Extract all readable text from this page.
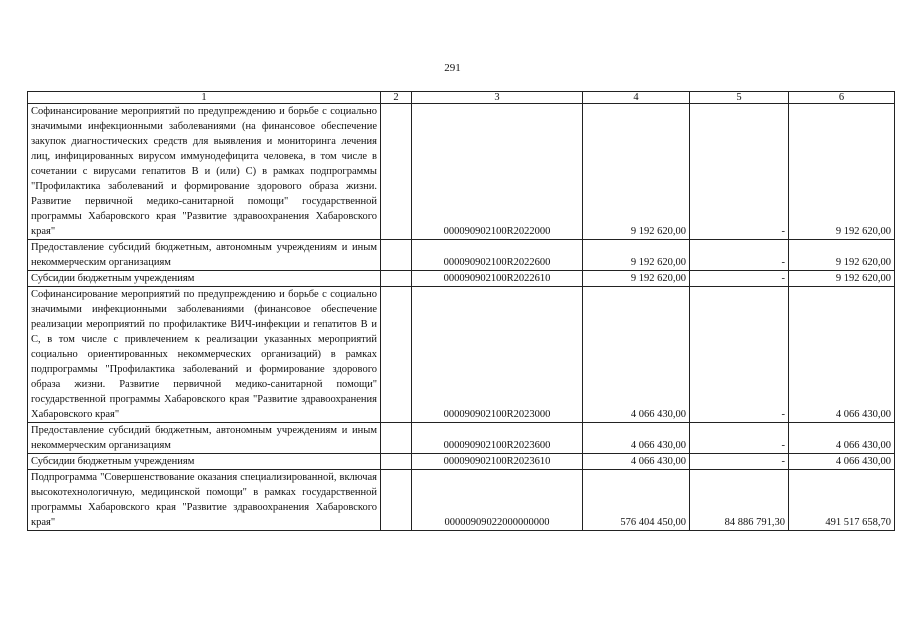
291
1	2	3	4	5	6
Софинансирование мероприятий по предупреждению и борьбе с социально значимыми инфекционными заболеваниями (на финансовое обеспечение закупок диагностических средств для выявления и мониторинга лечения лиц, инфицированных вирусом иммунодефицита человека, в том числе в сочетании с вирусами гепатитов B и (или) C) в рамках подпрограммы "Профилактика заболеваний и формирование здорового образа жизни. Развитие первичной медико-санитарной помощи" государственной программы Хабаровского края "Развитие здравоохранения Хабаровского края"		000090902100R2022000	9 192 620,00	-	9 192 620,00
Предоставление субсидий бюджетным, автономным учреждениям и иным некоммерческим организациям		000090902100R2022600	9 192 620,00	-	9 192 620,00
Субсидии бюджетным учреждениям		000090902100R2022610	9 192 620,00	-	9 192 620,00
Софинансирование мероприятий по предупреждению и борьбе с социально значимыми инфекционными заболеваниями (финансовое обеспечение реализации мероприятий по профилактике ВИЧ-инфекции и гепатитов B и C, в том числе с привлечением к реализации указанных мероприятий социально ориентированных некоммерческих организаций) в рамках подпрограммы "Профилактика заболеваний и формирование здорового образа жизни. Развитие первичной медико-санитарной помощи" государственной программы Хабаровского края "Развитие здравоохранения Хабаровского края"		000090902100R2023000	4 066 430,00	-	4 066 430,00
Предоставление субсидий бюджетным, автономным учреждениям и иным некоммерческим организациям		000090902100R2023600	4 066 430,00	-	4 066 430,00
Субсидии бюджетным учреждениям		000090902100R2023610	4 066 430,00	-	4 066 430,00
Подпрограмма "Совершенствование оказания специализированной, включая высокотехнологичную, медицинской помощи" в рамках государственной программы Хабаровского края "Развитие здравоохранения Хабаровского края"		00000909022000000000	576 404 450,00	84 886 791,30	491 517 658,70
